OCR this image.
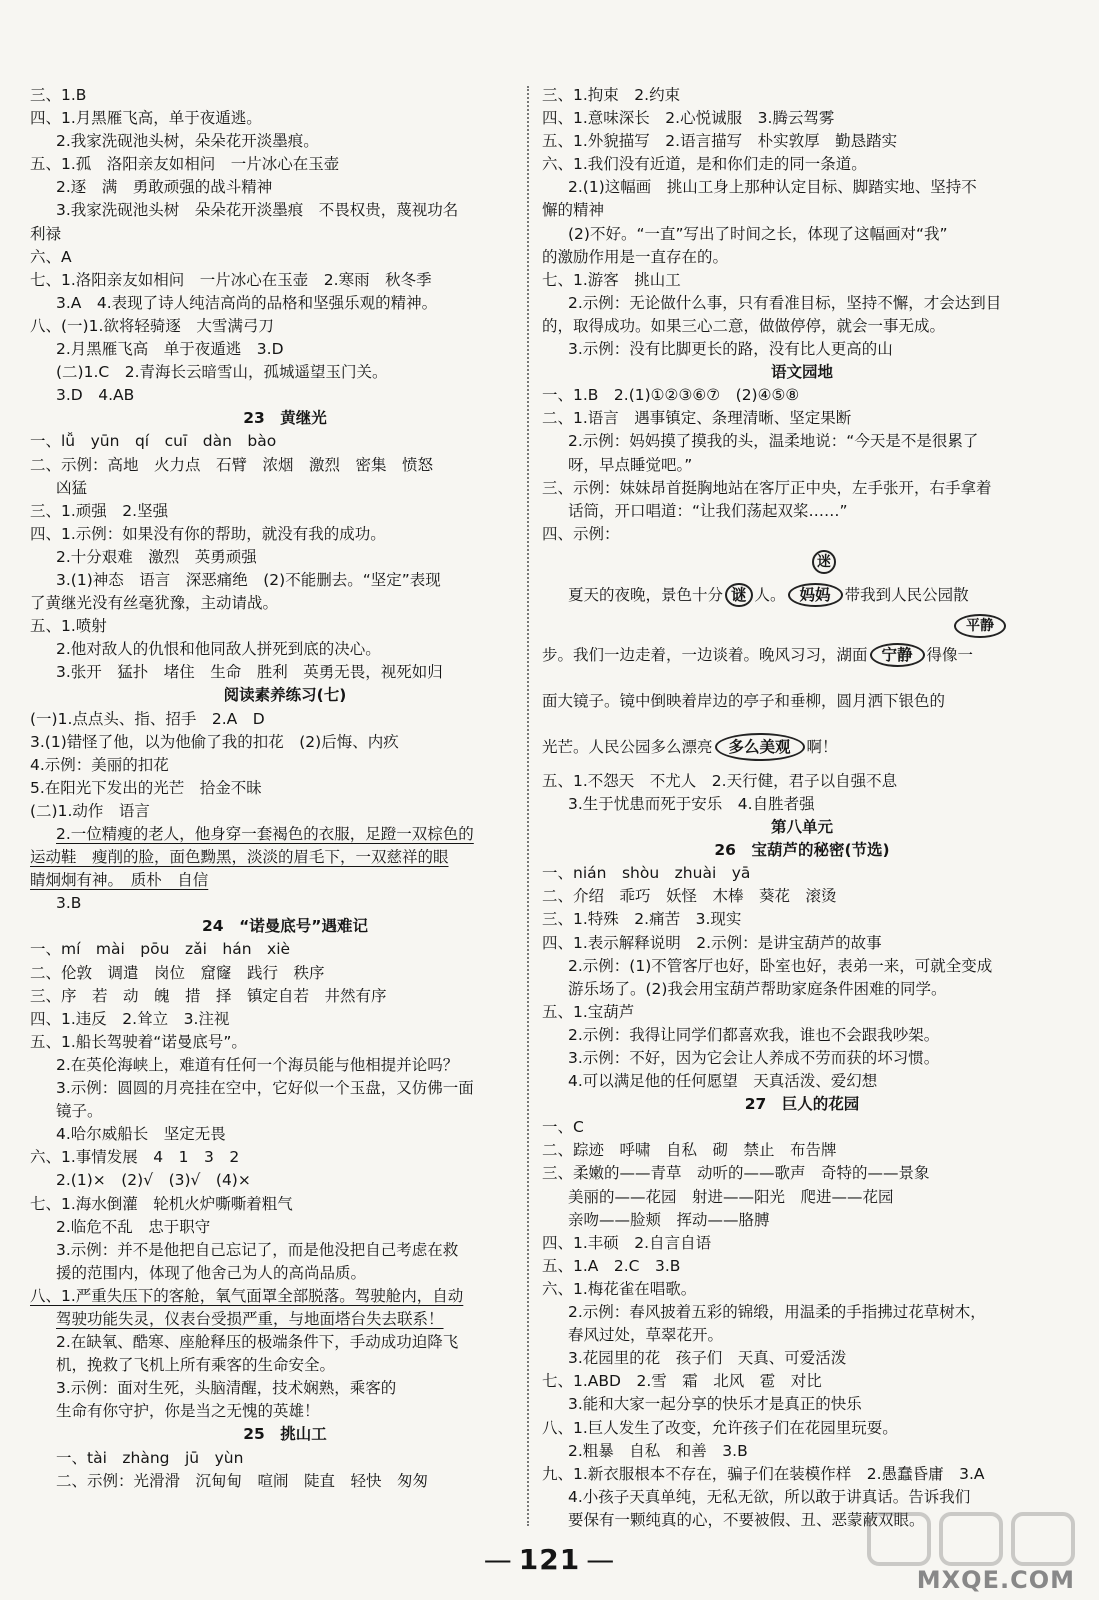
三、1.B
四、1.月黑雁飞高，单于夜遁逃。
2.我家洗砚池头树，朵朵花开淡墨痕。
五、1.孤　洛阳亲友如相问　一片冰心在玉壶
2.逐　满　勇敢顽强的战斗精神
3.我家洗砚池头树　朵朵花开淡墨痕　不畏权贵，蔑视功名
利禄
六、A
七、1.洛阳亲友如相问　一片冰心在玉壶　2.寒雨　秋冬季
3.A　4.表现了诗人纯洁高尚的品格和坚强乐观的精神。
八、(一)1.欲将轻骑逐　大雪满弓刀
2.月黑雁飞高　单于夜遁逃　3.D
(二)1.C　2.青海长云暗雪山，孤城遥望玉门关。
3.D　4.AB
23　黄继光
一、lǚ　yūn　qí　cuī　dàn　bào
二、示例：高地　火力点　石臂　浓烟　激烈　密集　愤怒
凶猛
三、1.顽强　2.坚强
四、1.示例：如果没有你的帮助，就没有我的成功。
2.十分艰难　激烈　英勇顽强
3.(1)神态　语言　深恶痛绝　(2)不能删去。“坚定”表现
了黄继光没有丝毫犹豫，主动请战。
五、1.喷射
2.他对敌人的仇恨和他同敌人拼死到底的决心。
3.张开　猛扑　堵住　生命　胜利　英勇无畏，视死如归
阅读素养练习(七)
(一)1.点点头、指、招手　2.A　D
3.(1)错怪了他，以为他偷了我的扣花　(2)后悔、内疚
4.示例：美丽的扣花
5.在阳光下发出的光芒　拾金不昧
(二)1.动作　语言
2.一位精瘦的老人，他身穿一套褐色的衣服，足蹬一双棕色的
运动鞋　瘦削的脸，面色黝黑，淡淡的眉毛下，一双慈祥的眼
睛炯炯有神。　质朴　自信
3.B
24　“诺曼底号”遇难记
一、mí　mài　pōu　zǎi　hán　xiè
二、伦敦　调遣　岗位　窟窿　践行　秩序
三、序　若　动　魄　措　择　镇定自若　井然有序
四、1.违反　2.耸立　3.注视
五、1.船长驾驶着“诺曼底号”。
2.在英伦海峡上，难道有任何一个海员能与他相提并论吗？
3.示例：圆圆的月亮挂在空中，它好似一个玉盘，又仿佛一面
镜子。
4.哈尔威船长　坚定无畏
六、1.事情发展　4　1　3　2
2.(1)×　(2)√　(3)√　(4)×
七、1.海水倒灌　轮机火炉嘶嘶着粗气
2.临危不乱　忠于职守
3.示例：并不是他把自己忘记了，而是他没把自己考虑在救
援的范围内，体现了他舍己为人的高尚品质。
八、1.严重失压下的客舱，氧气面罩全部脱落。驾驶舱内，自动
驾驶功能失灵，仪表台受损严重，与地面塔台失去联系！
2.在缺氧、酷寒、座舱释压的极端条件下，手动成功迫降飞
机，挽救了飞机上所有乘客的生命安全。
3.示例：面对生死，头脑清醒，技术娴熟，乘客的
生命有你守护，你是当之无愧的英雄！
25　挑山工
一、tài　zhàng　jū　yùn
二、示例：光滑滑　沉甸甸　喧闹　陡直　轻快　匆匆
三、1.拘束　2.约束
四、1.意味深长　2.心悦诚服　3.腾云驾雾
五、1.外貌描写　2.语言描写　朴实敦厚　勤恳踏实
六、1.我们没有近道，是和你们走的同一条道。
2.(1)这幅画　挑山工身上那种认定目标、脚踏实地、坚持不
懈的精神
(2)不好。“一直”写出了时间之长，体现了这幅画对“我”
的激励作用是一直存在的。
七、1.游客　挑山工
2.示例：无论做什么事，只有看准目标，坚持不懈，才会达到目
的，取得成功。如果三心二意，做做停停，就会一事无成。
3.示例：没有比脚更长的路，没有比人更高的山
语文园地
一、1.B　2.(1)①②③⑥⑦　(2)④⑤⑧
二、1.语言　遇事镇定、条理清晰、坚定果断
2.示例：妈妈摸了摸我的头，温柔地说：“今天是不是很累了
呀，早点睡觉吧。”
三、示例：妹妹昂首挺胸地站在客厅正中央，左手张开，右手拿着
话筒，开口唱道：“让我们荡起双桨……”
四、示例：
夏天的夜晚，景色十分 谜 人。 妈妈 带我到人民公园散
迷
步。我们一边走着，一边谈着。晚风习习，湖面 宁静 得像一
平静
面大镜子。镜中倒映着岸边的亭子和垂柳，圆月洒下银色的
光芒。人民公园多么漂亮 多么美观 啊！
五、1.不怨天　不尤人　2.天行健，君子以自强不息
3.生于忧患而死于安乐　4.自胜者强
第八单元
26　宝葫芦的秘密(节选)
一、nián　shòu　zhuài　yā
二、介绍　乖巧　妖怪　木棒　葵花　滚烫
三、1.特殊　2.痛苦　3.现实
四、1.表示解释说明　2.示例：是讲宝葫芦的故事
2.示例：(1)不管客厅也好，卧室也好，表弟一来，可就全变成
游乐场了。(2)我会用宝葫芦帮助家庭条件困难的同学。
五、1.宝葫芦
2.示例：我得让同学们都喜欢我，谁也不会跟我吵架。
3.示例：不好，因为它会让人养成不劳而获的坏习惯。
4.可以满足他的任何愿望　天真活泼、爱幻想
27　巨人的花园
一、C
二、踪迹　呼啸　自私　砌　禁止　布告牌
三、柔嫩的——青草　动听的——歌声　奇特的——景象
美丽的——花园　射进——阳光　爬进——花园
亲吻——脸颊　挥动——胳膊
四、1.丰硕　2.自言自语
五、1.A　2.C　3.B
六、1.梅花雀在唱歌。
2.示例：春风披着五彩的锦缎，用温柔的手指拂过花草树木，
春风过处，草翠花开。
3.花园里的花　孩子们　天真、可爱活泼
七、1.ABD　2.雪　霜　北风　雹　对比
3.能和大家一起分享的快乐才是真正的快乐
八、1.巨人发生了改变，允许孩子们在花园里玩耍。
2.粗暴　自私　和善　3.B
九、1.新衣服根本不存在，骗子们在装模作样　2.愚蠢昏庸　3.A
4.小孩子天真单纯，无私无欲，所以敢于讲真话。告诉我们
要保有一颗纯真的心，不要被假、丑、恶蒙蔽双眼。
— 121 —
MXQE.COM
